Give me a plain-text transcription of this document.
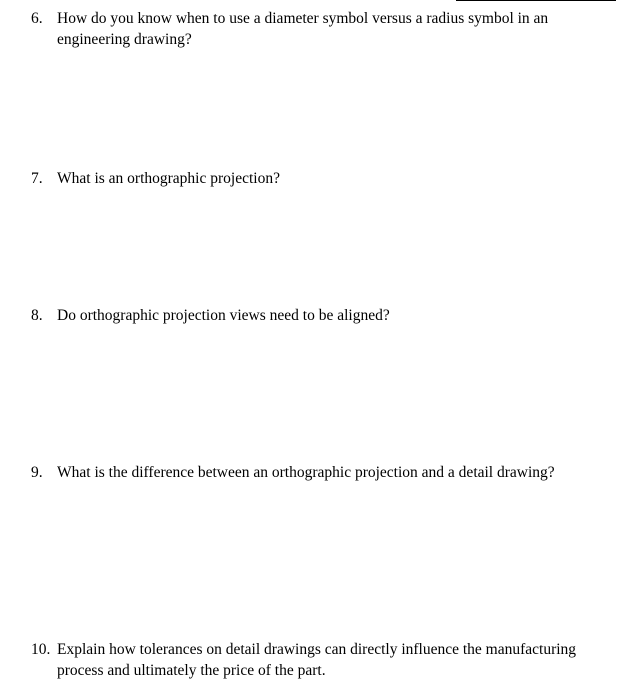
6. How do you know when to use a diameter symbol versus a radius symbol in an engineering drawing?
7. What is an orthographic projection?
8. Do orthographic projection views need to be aligned?
9. What is the difference between an orthographic projection and a detail drawing?
10. Explain how tolerances on detail drawings can directly influence the manufacturing process and ultimately the price of the part.
